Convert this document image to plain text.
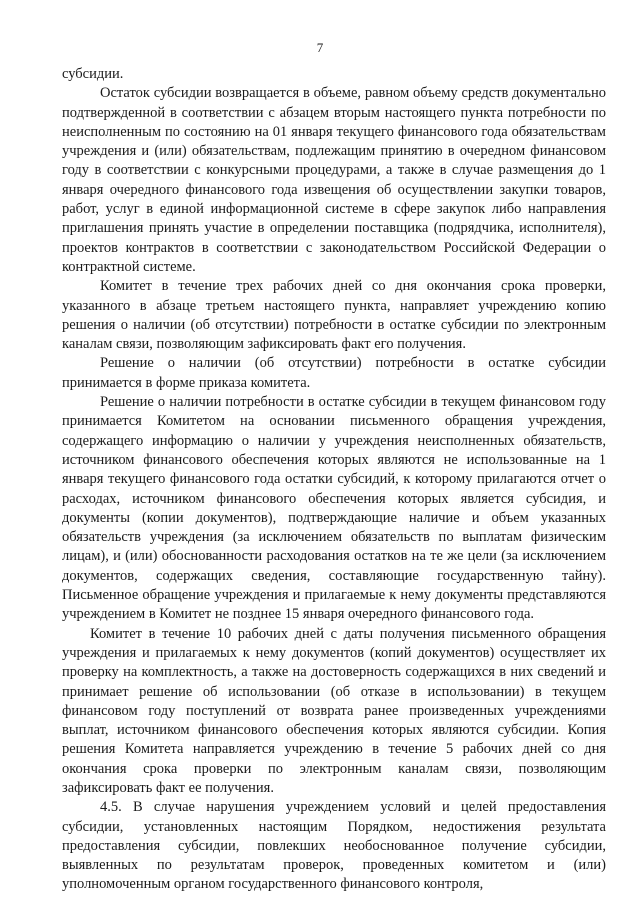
7

субсидии.

Остаток субсидии возвращается в объеме, равном объему средств документально подтвержденной в соответствии с абзацем вторым настоящего пункта потребности по неисполненным по состоянию на 01 января текущего финансового года обязательствам учреждения и (или) обязательствам, подлежащим принятию в очередном финансовом году в соответствии с конкурсными процедурами, а также в случае размещения до 1 января очередного финансового года извещения об осуществлении закупки товаров, работ, услуг в единой информационной системе в сфере закупок либо направления приглашения принять участие в определении поставщика (подрядчика, исполнителя), проектов контрактов в соответствии с законодательством Российской Федерации о контрактной системе.

Комитет в течение трех рабочих дней со дня окончания срока проверки, указанного в абзаце третьем настоящего пункта, направляет учреждению копию решения о наличии (об отсутствии) потребности в остатке субсидии по электронным каналам связи, позволяющим зафиксировать факт его получения.

Решение о наличии (об отсутствии) потребности в остатке субсидии принимается в форме приказа комитета.

Решение о наличии потребности в остатке субсидии в текущем финансовом году принимается Комитетом на основании письменного обращения учреждения, содержащего информацию о наличии у учреждения неисполненных обязательств, источником финансового обеспечения которых являются не использованные на 1 января текущего финансового года остатки субсидий, к которому прилагаются отчет о расходах, источником финансового обеспечения которых является субсидия, и документы (копии документов), подтверждающие наличие и объем указанных обязательств учреждения (за исключением обязательств по выплатам физическим лицам), и (или) обоснованности расходования остатков на те же цели (за исключением документов, содержащих сведения, составляющие государственную тайну). Письменное обращение учреждения и прилагаемые к нему документы представляются учреждением в Комитет не позднее 15 января очередного финансового года.

Комитет в течение 10 рабочих дней с даты получения письменного обращения учреждения и прилагаемых к нему документов (копий документов) осуществляет их проверку на комплектность, а также на достоверность содержащихся в них сведений и принимает решение об использовании (об отказе в использовании) в текущем финансовом году поступлений от возврата ранее произведенных учреждениями выплат, источником финансового обеспечения которых являются субсидии. Копия решения Комитета направляется учреждению в течение 5 рабочих дней со дня окончания срока проверки по электронным каналам связи, позволяющим зафиксировать факт ее получения.

4.5. В случае нарушения учреждением условий и целей предоставления субсидии, установленных настоящим Порядком, недостижения результата предоставления субсидии, повлекших необоснованное получение субсидии, выявленных по результатам проверок, проведенных комитетом и (или) уполномоченным органом государственного финансового контроля,
